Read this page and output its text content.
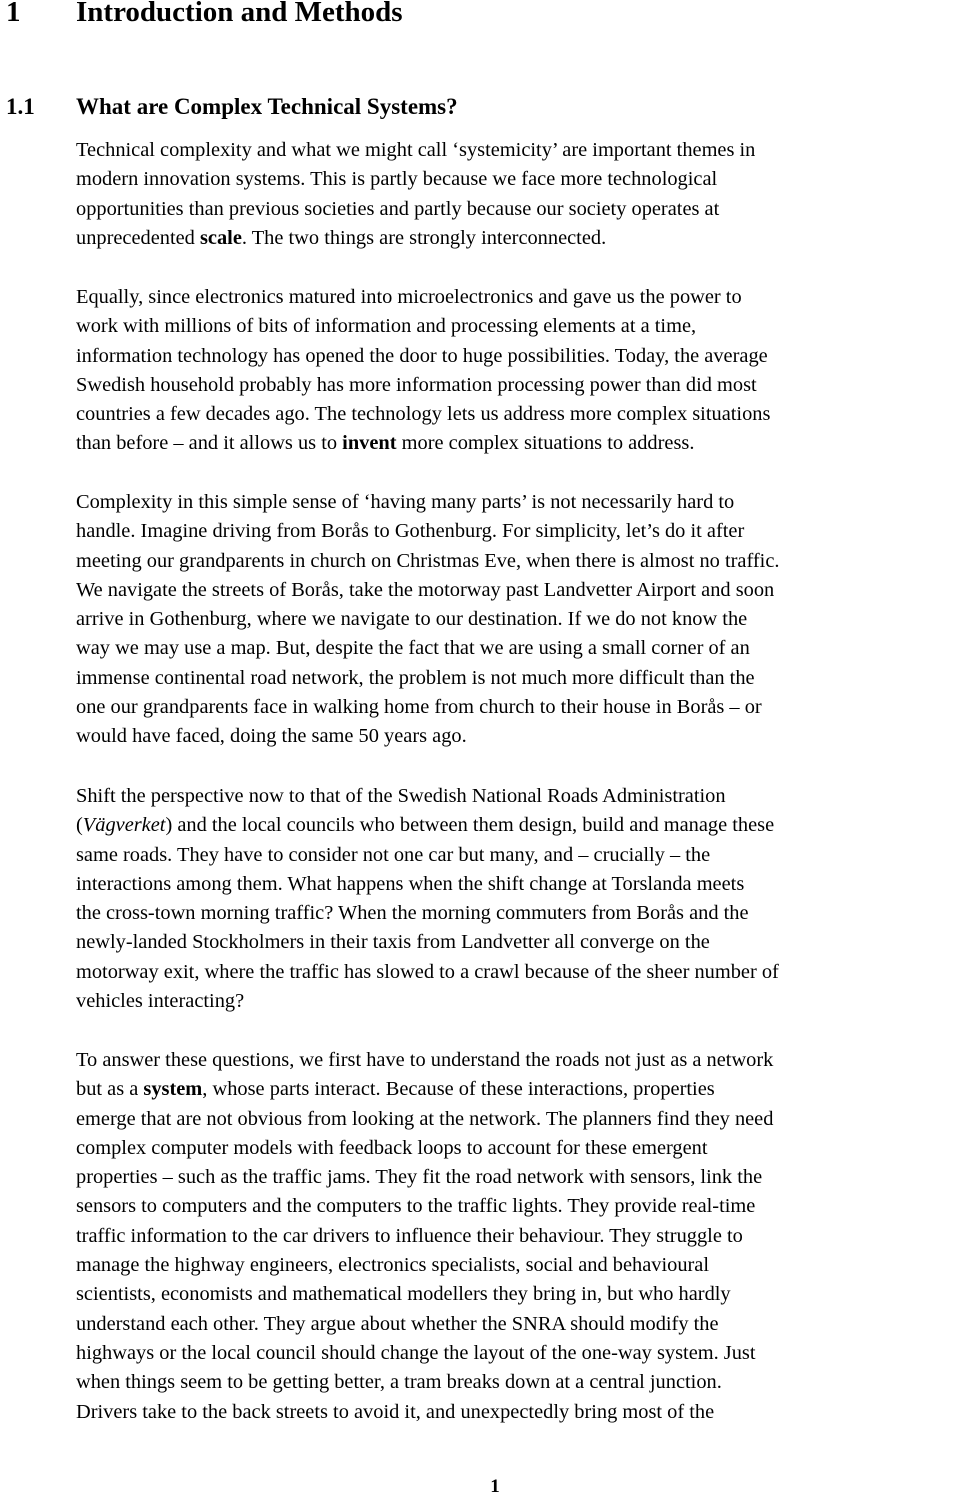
1 Introduction and Methods
1.1 What are Complex Technical Systems?

Technical complexity and what we might call ‘systemicity’ are important themes in
modern innovation systems. This is partly because we face more technological
opportunities than previous societies and partly because our society operates at
unprecedented scale. The two things are strongly interconnected.

Equally, since electronics matured into microelectronics and gave us the power to
work with millions of bits of information and processing elements at a time,
information technology has opened the door to huge possibilities. Today, the average
Swedish household probably has more information processing power than did most
countries a few decades ago. The technology lets us address more complex situations
than before – and it allows us to invent more complex situations to address.

Complexity in this simple sense of ‘having many parts’ is not necessarily hard to
handle. Imagine driving from Borås to Gothenburg. For simplicity, let’s do it after
meeting our grandparents in church on Christmas Eve, when there is almost no traffic.
We navigate the streets of Borås, take the motorway past Landvetter Airport and soon
arrive in Gothenburg, where we navigate to our destination. If we do not know the
way we may use a map. But, despite the fact that we are using a small corner of an
immense continental road network, the problem is not much more difficult than the
one our grandparents face in walking home from church to their house in Borås – or
would have faced, doing the same 50 years ago.

Shift the perspective now to that of the Swedish National Roads Administration
(Vägverket) and the local councils who between them design, build and manage these
same roads. They have to consider not one car but many, and – crucially – the
interactions among them. What happens when the shift change at Torslanda meets
the cross-town morning traffic? When the morning commuters from Borås and the
newly-landed Stockholmers in their taxis from Landvetter all converge on the
motorway exit, where the traffic has slowed to a crawl because of the sheer number of
vehicles interacting?

To answer these questions, we first have to understand the roads not just as a network
but as a system, whose parts interact. Because of these interactions, properties
emerge that are not obvious from looking at the network. The planners find they need
complex computer models with feedback loops to account for these emergent
properties – such as the traffic jams. They fit the road network with sensors, link the
sensors to computers and the computers to the traffic lights. They provide real-time
traffic information to the car drivers to influence their behaviour. They struggle to
manage the highway engineers, electronics specialists, social and behavioural
scientists, economists and mathematical modellers they bring in, but who hardly
understand each other. They argue about whether the SNRA should modify the
highways or the local council should change the layout of the one-way system. Just
when things seem to be getting better, a tram breaks down at a central junction.
Drivers take to the back streets to avoid it, and unexpectedly bring most of the

1
